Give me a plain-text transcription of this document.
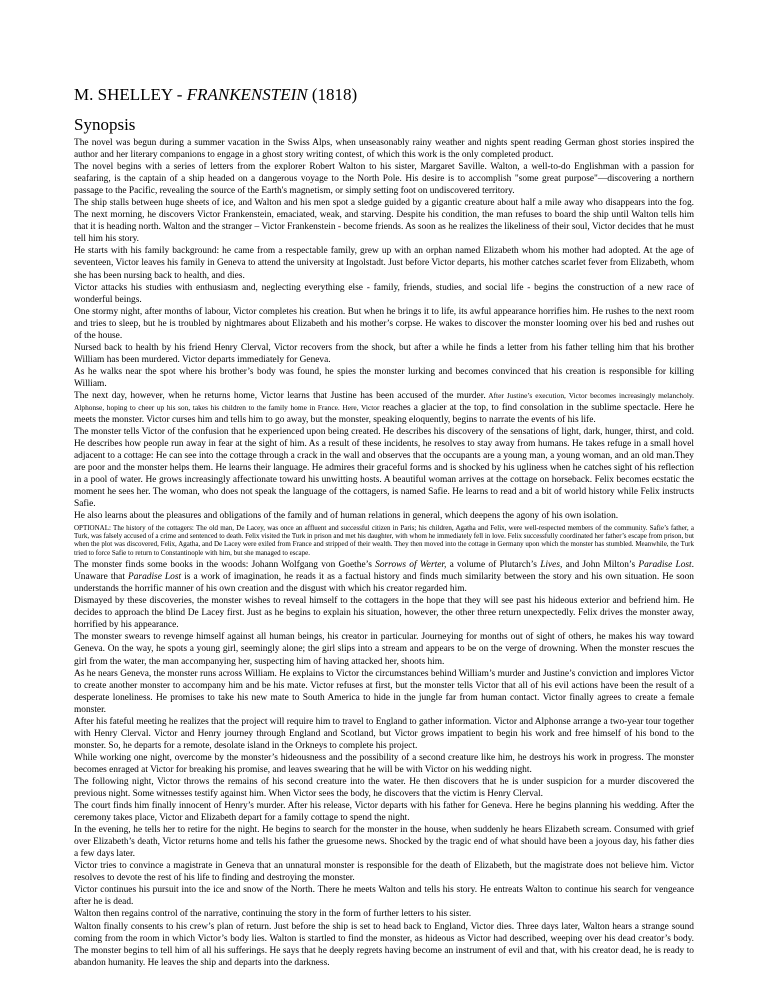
M. SHELLEY - FRANKENSTEIN (1818)
Synopsis

The novel was begun during a summer vacation in the Swiss Alps, when unseasonably rainy weather and nights spent reading German ghost stories inspired the author and her literary companions to engage in a ghost story writing contest, of which this work is the only completed product.

The novel begins with a series of letters from the explorer Robert Walton to his sister, Margaret Saville. Walton, a well-to-do Englishman with a passion for seafaring, is the captain of a ship headed on a dangerous voyage to the North Pole. His desire is to accomplish "some great purpose"—discovering a northern passage to the Pacific, revealing the source of the Earth's magnetism, or simply setting foot on undiscovered territory.

The ship stalls between huge sheets of ice, and Walton and his men spot a sledge guided by a gigantic creature about half a mile away who disappears into the fog. The next morning, he discovers Victor Frankenstein, emaciated, weak, and starving. Despite his condition, the man refuses to board the ship until Walton tells him that it is heading north. Walton and the stranger – Victor Frankenstein - become friends. As soon as he realizes the likeliness of their soul, Victor decides that he must tell him his story.

He starts with his family background: he came from a respectable family, grew up with an orphan named Elizabeth whom his mother had adopted. At the age of seventeen, Victor leaves his family in Geneva to attend the university at Ingolstadt. Just before Victor departs, his mother catches scarlet fever from Elizabeth, whom she has been nursing back to health, and dies.

Victor attacks his studies with enthusiasm and, neglecting everything else - family, friends, studies, and social life - begins the construction of a new race of wonderful beings.

One stormy night, after months of labour, Victor completes his creation. But when he brings it to life, its awful appearance horrifies him. He rushes to the next room and tries to sleep, but he is troubled by nightmares about Elizabeth and his mother’s corpse. He wakes to discover the monster looming over his bed and rushes out of the house.

Nursed back to health by his friend Henry Clerval, Victor recovers from the shock, but after a while he finds a letter from his father telling him that his brother William has been murdered. Victor departs immediately for Geneva.

As he walks near the spot where his brother’s body was found, he spies the monster lurking and becomes convinced that his creation is responsible for killing William.

The next day, however, when he returns home, Victor learns that Justine has been accused of the murder. After Justine’s execution, Victor becomes increasingly melancholy. Alphonse, hoping to cheer up his son, takes his children to the family home in France. Here, Victor reaches a glacier at the top, to find consolation in the sublime spectacle. Here he meets the monster. Victor curses him and tells him to go away, but the monster, speaking eloquently, begins to narrate the events of his life.

The monster tells Victor of the confusion that he experienced upon being created. He describes his discovery of the sensations of light, dark, hunger, thirst, and cold. He describes how people run away in fear at the sight of him. As a result of these incidents, he resolves to stay away from humans. He takes refuge in a small hovel adjacent to a cottage: He can see into the cottage through a crack in the wall and observes that the occupants are a young man, a young woman, and an old man.They are poor and the monster helps them. He learns their language. He admires their graceful forms and is shocked by his ugliness when he catches sight of his reflection in a pool of water. He grows increasingly affectionate toward his unwitting hosts. A beautiful woman arrives at the cottage on horseback. Felix becomes ecstatic the moment he sees her. The woman, who does not speak the language of the cottagers, is named Safie. He learns to read and a bit of world history while Felix instructs Safie.

He also learns about the pleasures and obligations of the family and of human relations in general, which deepens the agony of his own isolation.

OPTIONAL: The history of the cottagers: The old man, De Lacey, was once an affluent and successful citizen in Paris; his children, Agatha and Felix, were well-respected members of the community. Safie’s father, a Turk, was falsely accused of a crime and sentenced to death. Felix visited the Turk in prison and met his daughter, with whom he immediately fell in love. Felix successfully coordinated her father’s escape from prison, but when the plot was discovered, Felix, Agatha, and De Lacey were exiled from France and stripped of their wealth. They then moved into the cottage in Germany upon which the monster has stumbled. Meanwhile, the Turk tried to force Safie to return to Constantinople with him, but she managed to escape.

The monster finds some books in the woods: Johann Wolfgang von Goethe’s Sorrows of Werter, a volume of Plutarch’s Lives, and John Milton’s Paradise Lost. Unaware that Paradise Lost is a work of imagination, he reads it as a factual history and finds much similarity between the story and his own situation. He soon understands the horrific manner of his own creation and the disgust with which his creator regarded him.

Dismayed by these discoveries, the monster wishes to reveal himself to the cottagers in the hope that they will see past his hideous exterior and befriend him. He decides to approach the blind De Lacey first. Just as he begins to explain his situation, however, the other three return unexpectedly. Felix drives the monster away, horrified by his appearance.

The monster swears to revenge himself against all human beings, his creator in particular. Journeying for months out of sight of others, he makes his way toward Geneva. On the way, he spots a young girl, seemingly alone; the girl slips into a stream and appears to be on the verge of drowning. When the monster rescues the girl from the water, the man accompanying her, suspecting him of having attacked her, shoots him.

As he nears Geneva, the monster runs across William. He explains to Victor the circumstances behind William’s murder and Justine’s conviction and implores Victor to create another monster to accompany him and be his mate. Victor refuses at first, but the monster tells Victor that all of his evil actions have been the result of a desperate loneliness. He promises to take his new mate to South America to hide in the jungle far from human contact. Victor finally agrees to create a female monster.

After his fateful meeting he realizes that the project will require him to travel to England to gather information. Victor and Alphonse arrange a two-year tour together with Henry Clerval. Victor and Henry journey through England and Scotland, but Victor grows impatient to begin his work and free himself of his bond to the monster. So, he departs for a remote, desolate island in the Orkneys to complete his project.

While working one night, overcome by the monster’s hideousness and the possibility of a second creature like him, he destroys his work in progress. The monster becomes enraged at Victor for breaking his promise, and leaves swearing that he will be with Victor on his wedding night.

The following night, Victor throws the remains of his second creature into the water. He then discovers that he is under suspicion for a murder discovered the previous night. Some witnesses testify against him. When Victor sees the body, he discovers that the victim is Henry Clerval.

The court finds him finally innocent of Henry’s murder. After his release, Victor departs with his father for Geneva. Here he begins planning his wedding. After the ceremony takes place, Victor and Elizabeth depart for a family cottage to spend the night.

In the evening, he tells her to retire for the night. He begins to search for the monster in the house, when suddenly he hears Elizabeth scream. Consumed with grief over Elizabeth’s death, Victor returns home and tells his father the gruesome news. Shocked by the tragic end of what should have been a joyous day, his father dies a few days later.

Victor tries to convince a magistrate in Geneva that an unnatural monster is responsible for the death of Elizabeth, but the magistrate does not believe him. Victor resolves to devote the rest of his life to finding and destroying the monster.

Victor continues his pursuit into the ice and snow of the North. There he meets Walton and tells his story. He entreats Walton to continue his search for vengeance after he is dead.

Walton then regains control of the narrative, continuing the story in the form of further letters to his sister.

Walton finally consents to his crew’s plan of return. Just before the ship is set to head back to England, Victor dies. Three days later, Walton hears a strange sound coming from the room in which Victor’s body lies. Walton is startled to find the monster, as hideous as Victor had described, weeping over his dead creator’s body. The monster begins to tell him of all his sufferings. He says that he deeply regrets having become an instrument of evil and that, with his creator dead, he is ready to abandon humanity. He leaves the ship and departs into the darkness.
